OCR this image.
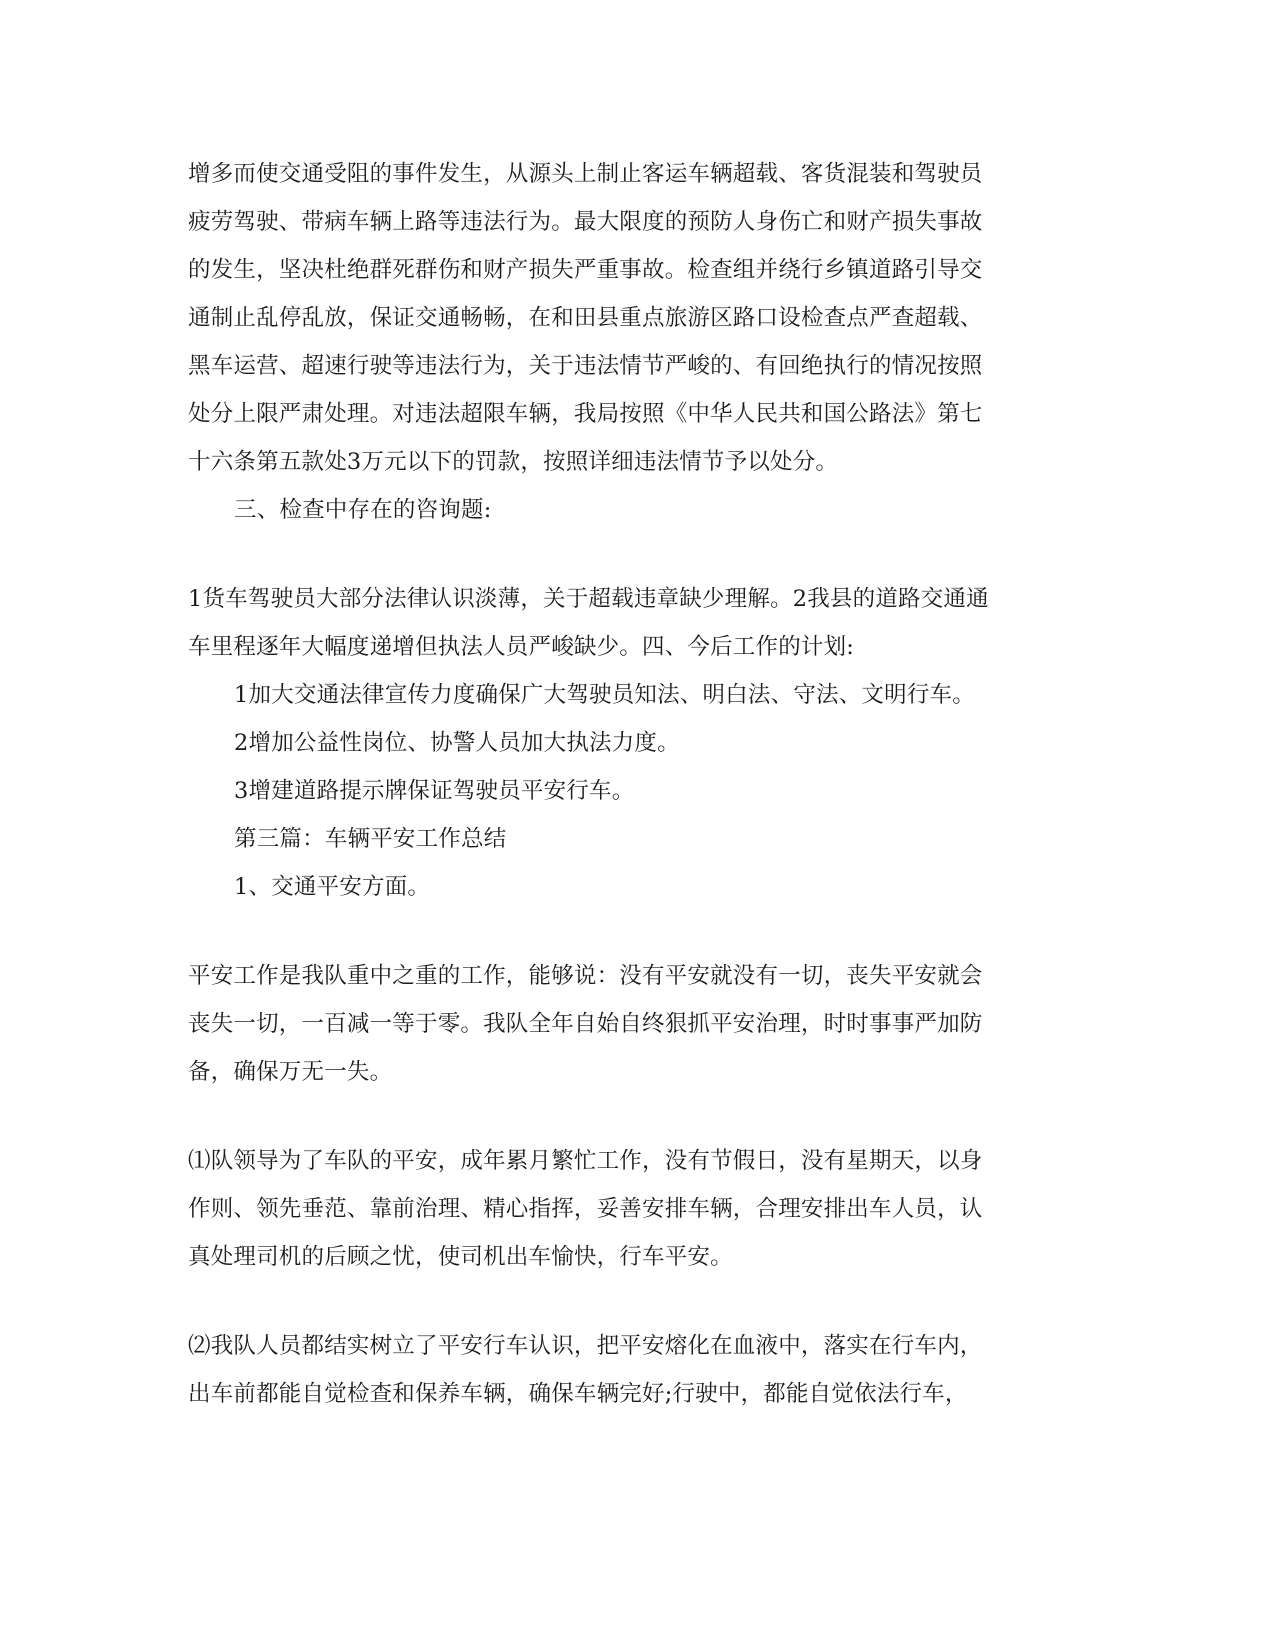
增多而使交通受阻的事件发生，从源头上制止客运车辆超载、客货混装和驾驶员

疲劳驾驶、带病车辆上路等违法行为。最大限度的预防人身伤亡和财产损失事故

的发生，坚决杜绝群死群伤和财产损失严重事故。检查组并绕行乡镇道路引导交

通制止乱停乱放，保证交通畅畅，在和田县重点旅游区路口设检查点严查超载、

黑车运营、超速行驶等违法行为，关于违法情节严峻的、有回绝执行的情况按照

处分上限严肃处理。对违法超限车辆，我局按照《中华人民共和国公路法》第七

十六条第五款处3万元以下的罚款，按照详细违法情节予以处分。

三、检查中存在的咨询题:

1货车驾驶员大部分法律认识淡薄，关于超载违章缺少理解。2我县的道路交通通

车里程逐年大幅度递增但执法人员严峻缺少。四、今后工作的计划:

1加大交通法律宣传力度确保广大驾驶员知法、明白法、守法、文明行车。

2增加公益性岗位、协警人员加大执法力度。

3增建道路提示牌保证驾驶员平安行车。

第三篇：车辆平安工作总结

1、交通平安方面。

平安工作是我队重中之重的工作，能够说：没有平安就没有一切，丧失平安就会

丧失一切，一百减一等于零。我队全年自始自终狠抓平安治理，时时事事严加防

备，确保万无一失。

⑴队领导为了车队的平安，成年累月繁忙工作，没有节假日，没有星期天，以身

作则、领先垂范、靠前治理、精心指挥，妥善安排车辆，合理安排出车人员，认

真处理司机的后顾之忧，使司机出车愉快，行车平安。

⑵我队人员都结实树立了平安行车认识，把平安熔化在血液中，落实在行车内，

出车前都能自觉检查和保养车辆，确保车辆完好;行驶中，都能自觉依法行车，
